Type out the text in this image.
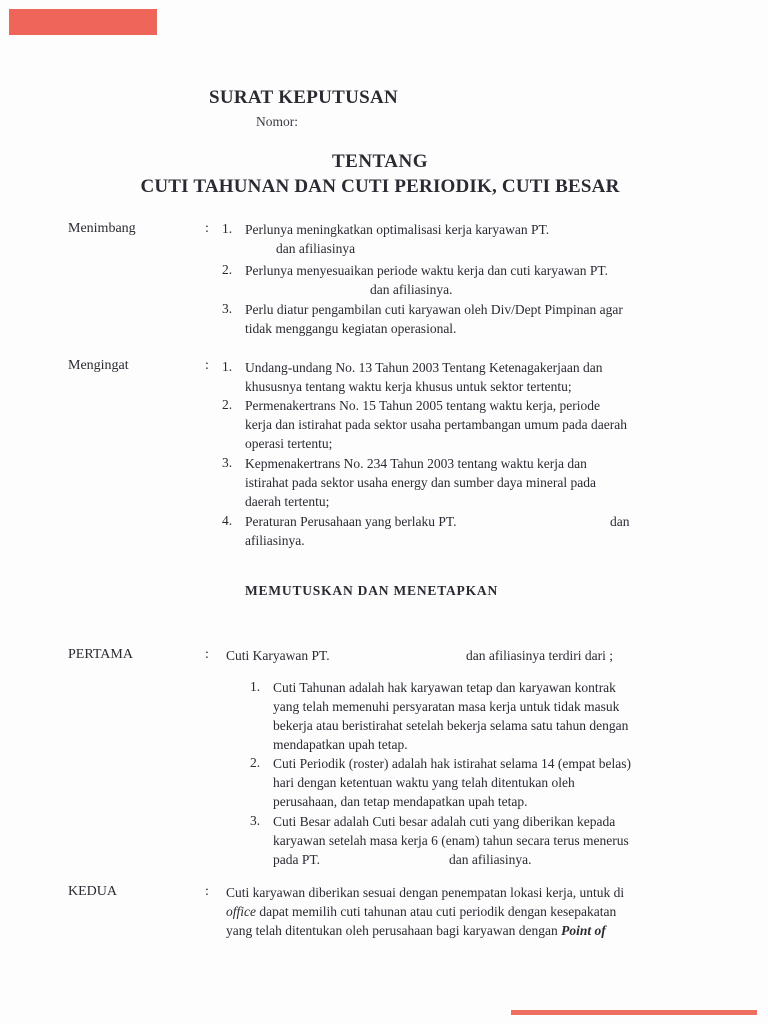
SURAT KEPUTUSAN
Nomor:
TENTANG
CUTI TAHUNAN DAN CUTI PERIODIK, CUTI BESAR
Menimbang	: 1. Perlunya meningkatkan optimalisasi kerja karyawan PT.
dan afiliasinya
2. Perlunya menyesuaikan periode waktu kerja dan cuti karyawan PT.
dan afiliasinya.
3. Perlu diatur pengambilan cuti karyawan oleh Div/Dept Pimpinan agar
tidak menggangu kegiatan operasional.
Mengingat	: 1. Undang-undang No. 13 Tahun 2003 Tentang Ketenagakerjaan dan
khususnya tentang waktu kerja khusus untuk sektor tertentu;
2. Permenakertrans No. 15 Tahun 2005 tentang waktu kerja, periode
kerja dan istirahat pada sektor usaha pertambangan umum pada daerah
operasi tertentu;
3. Kepmenakertrans No. 234 Tahun 2003 tentang waktu kerja dan
istirahat pada sektor usaha energy dan sumber daya mineral pada
daerah tertentu;
4. Peraturan Perusahaan yang berlaku PT.	dan
afiliasinya.
MEMUTUSKAN DAN MENETAPKAN
PERTAMA	: Cuti Karyawan PT.	dan afiliasinya terdiri dari ;
1. Cuti Tahunan adalah hak karyawan tetap dan karyawan kontrak
yang telah memenuhi persyaratan masa kerja untuk tidak masuk
bekerja atau beristirahat setelah bekerja selama satu tahun dengan
mendapatkan upah tetap.
2. Cuti Periodik (roster) adalah hak istirahat selama 14 (empat belas)
hari dengan ketentuan waktu yang telah ditentukan oleh
perusahaan, dan tetap mendapatkan upah tetap.
3. Cuti Besar adalah Cuti besar adalah cuti yang diberikan kepada
karyawan setelah masa kerja 6 (enam) tahun secara terus menerus
pada PT.	dan afiliasinya.
KEDUA	: Cuti karyawan diberikan sesuai dengan penempatan lokasi kerja, untuk di
office dapat memilih cuti tahunan atau cuti periodik dengan kesepakatan
yang telah ditentukan oleh perusahaan bagi karyawan dengan Point of
